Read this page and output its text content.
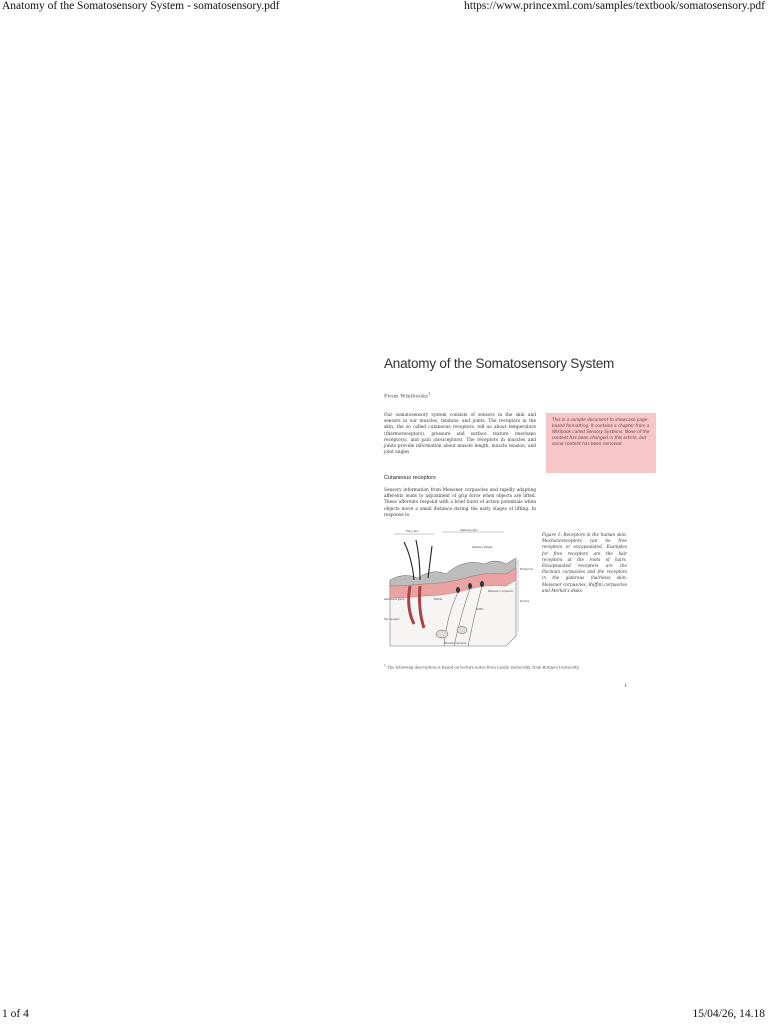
Anatomy of the Somatosensory System - somatosensory.pdf	https://www.princexml.com/samples/textbook/somatosensory.pdf
Anatomy of the Somatosensory System
From Wikibooks$^1$

Our somatosensory system consists of sensors in the skin and sensors in our muscles, tendons, and joints. The receptors in the skin, the so called cutaneous receptors, tell us about temperature (thermoreceptors), pressure and surface texture (mechano receptors), and pain (nociceptors). The receptors in muscles and joints provide information about muscle length, muscle tension, and joint angles

This is a sample document to showcase page-based formatting. It contains a chapter from a Wikibook called Sensory Systems. None of the content has been changed in this article, but some content has been removed.
Cutaneous receptors

Sensory information from Meissner corpuscles and rapidly adapting afferents leads to adjustment of grip force when objects are lifted. These afferents respond with a brief burst of action potentials when objects move a small distance during the early stages of lifting. In response to

Hairy skin	Glabrous skin
Papillary Ridges
Epidermis
Dermis
Meissner's corpuscle
Pacinian corpuscle
Merkel
Ruffini
Hair receptor
Sebaceous gland
Figure 1: Receptors in the human skin: Mechanoreceptors can be free receptors or encapsulated. Examples for free receptors are the hair receptors at the roots of hairs. Encapsulated receptors are the Pacinian corpuscles and the receptors in the glabrous (hairless) skin: Meissner corpuscles, Ruffini corpuscles and Merkel's disks.
$^1$ The following description is based on lecture notes from Laszlo Zaborszky, from Rutgers University.
1
1 of 4	15/04/26, 14.18
